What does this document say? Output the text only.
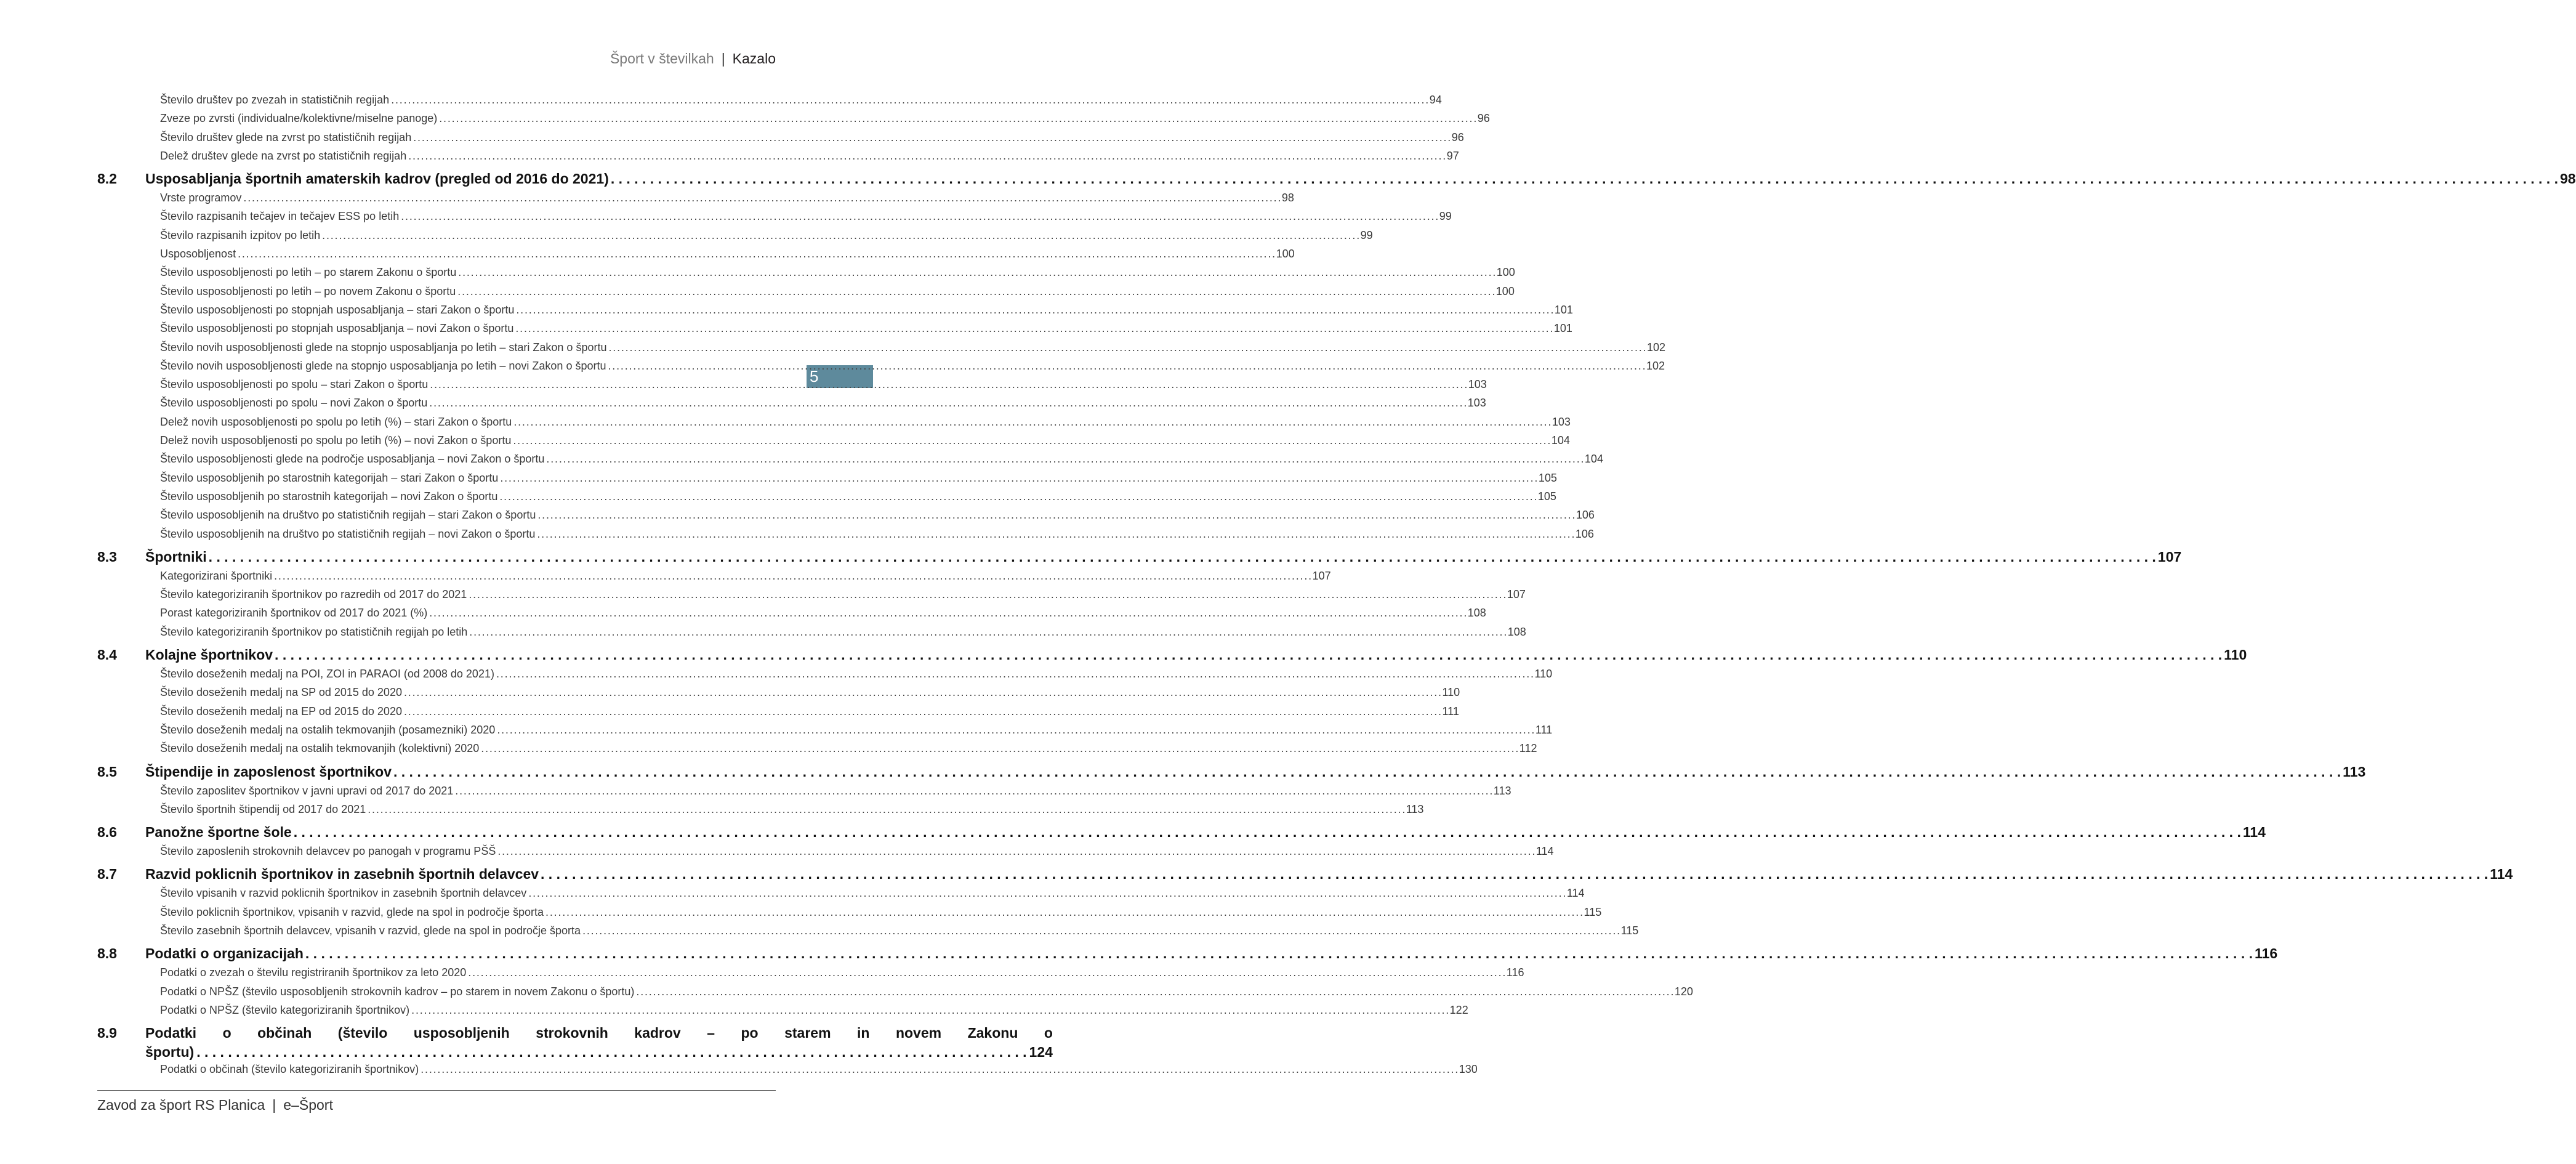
Šport v številkah | Kazalo
5
Število društev po zvezah in statističnih regijah . . .	94
Zveze po zvrsti (individualne/kolektivne/miselne panoge) . . .	96
Število društev glede na zvrst po statističnih regijah . . .	96
Delež društev glede na zvrst po statističnih regijah . . .	97
8.2	Usposabljanja športnih amaterskih kadrov (pregled od 2016 do 2021) . . .	98
Vrste programov . . .	98
Število razpisanih tečajev in tečajev ESS po letih . . .	99
Število razpisanih izpitov po letih . . .	99
Usposobljenost . . .	100
Število usposobljenosti po letih – po starem Zakonu o športu . . .	100
Število usposobljenosti po letih – po novem Zakonu o športu . . .	100
Število usposobljenosti po stopnjah usposabljanja – stari Zakon o športu . . .	101
Število usposobljenosti po stopnjah usposabljanja – novi Zakon o športu . . .	101
Število novih usposobljenosti glede na stopnjo usposabljanja po letih – stari Zakon o športu . . .	102
Število novih usposobljenosti glede na stopnjo usposabljanja po letih – novi Zakon o športu . . .	102
Število usposobljenosti po spolu – stari Zakon o športu . . .	103
Število usposobljenosti po spolu – novi Zakon o športu . . .	103
Delež novih usposobljenosti po spolu po letih (%) – stari Zakon o športu . . .	103
Delež novih usposobljenosti po spolu po letih (%) – novi Zakon o športu . . .	104
Število usposobljenosti glede na področje usposabljanja – novi Zakon o športu . . .	104
Število usposobljenih po starostnih kategorijah – stari Zakon o športu . . .	105
Število usposobljenih po starostnih kategorijah – novi Zakon o športu . . .	105
Število usposobljenih na društvo po statističnih regijah – stari Zakon o športu . . .	106
Število usposobljenih na društvo po statističnih regijah – novi Zakon o športu . . .	106
8.3	Športniki . . .	107
Kategorizirani športniki . . .	107
Število kategoriziranih športnikov po razredih od 2017 do 2021 . . .	107
Porast kategoriziranih športnikov od 2017 do 2021 (%) . . .	108
Število kategoriziranih športnikov po statističnih regijah po letih . . .	108
8.4	Kolajne športnikov . . .	110
Število doseženih medalj na POI, ZOI in PARAOI (od 2008 do 2021) . . .	110
Število doseženih medalj na SP od 2015 do 2020 . . .	110
Število doseženih medalj na EP od 2015 do 2020 . . .	111
Število doseženih medalj na ostalih tekmovanjih (posamezniki) 2020 . . .	111
Število doseženih medalj na ostalih tekmovanjih (kolektivni) 2020 . . .	112
8.5	Štipendije in zaposlenost športnikov . . .	113
Število zaposlitev športnikov v javni upravi od 2017 do 2021 . . .	113
Število športnih štipendij od 2017 do 2021 . . .	113
8.6	Panožne športne šole . . .	114
Število zaposlenih strokovnih delavcev po panogah v programu PŠŠ . . .	114
8.7	Razvid poklicnih športnikov in zasebnih športnih delavcev . . .	114
Število vpisanih v razvid poklicnih športnikov in zasebnih športnih delavcev . . .	114
Število poklicnih športnikov, vpisanih v razvid, glede na spol in področje športa . . .	115
Število zasebnih športnih delavcev, vpisanih v razvid, glede na spol in področje športa . . .	115
8.8	Podatki o organizacijah . . .	116
Podatki o zvezah o številu registriranih športnikov za leto 2020 . . .	116
Podatki o NPŠZ (število usposobljenih strokovnih kadrov – po starem in novem Zakonu o športu) . . .	120
Podatki o NPŠZ (število kategoriziranih športnikov) . . .	122
8.9	Podatki o občinah (število usposobljenih strokovnih kadrov – po starem in novem Zakonu o
športu) . . .	124
Podatki o občinah (število kategoriziranih športnikov) . . .	130
Zavod za šport RS Planica | e–Šport
